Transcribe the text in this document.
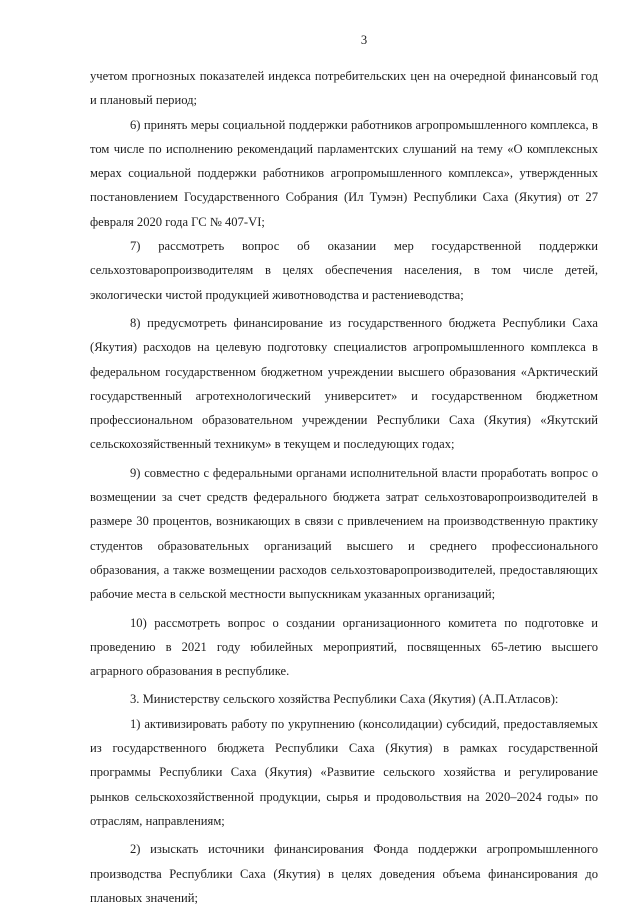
3

учетом прогнозных показателей индекса потребительских цен на очередной финансовый год и плановый период;

6) принять меры социальной поддержки работников агропромышленного комплекса, в том числе по исполнению рекомендаций парламентских слушаний на тему «О комплексных мерах социальной поддержки работников агропромышленного комплекса», утвержденных постановлением Государственного Собрания (Ил Тумэн) Республики Саха (Якутия) от 27 февраля 2020 года ГС № 407-VI;

7) рассмотреть вопрос об оказании мер государственной поддержки сельхозтоваропроизводителям в целях обеспечения населения, в том числе детей, экологически чистой продукцией животноводства и растениеводства;

8) предусмотреть финансирование из государственного бюджета Республики Саха (Якутия) расходов на целевую подготовку специалистов агропромышленного комплекса в федеральном государственном бюджетном учреждении высшего образования «Арктический государственный агротехнологический университет» и государственном бюджетном профессиональном образовательном учреждении Республики Саха (Якутия) «Якутский сельскохозяйственный техникум» в текущем и последующих годах;

9) совместно с федеральными органами исполнительной власти проработать вопрос о возмещении за счет средств федерального бюджета затрат сельхозтоваропроизводителей в размере 30 процентов, возникающих в связи с привлечением на производственную практику студентов образовательных организаций высшего и среднего профессионального образования, а также возмещении расходов сельхозтоваропроизводителей, предоставляющих рабочие места в сельской местности выпускникам указанных организаций;

10) рассмотреть вопрос о создании организационного комитета по подготовке и проведению в 2021 году юбилейных мероприятий, посвященных 65-летию высшего аграрного образования в республике.

3. Министерству сельского хозяйства Республики Саха (Якутия) (А.П.Атласов):

1) активизировать работу по укрупнению (консолидации) субсидий, предоставляемых из государственного бюджета Республики Саха (Якутия) в рамках государственной программы Республики Саха (Якутия) «Развитие сельского хозяйства и регулирование рынков сельскохозяйственной продукции, сырья и продовольствия на 2020–2024 годы» по отраслям, направлениям;

2) изыскать источники финансирования Фонда поддержки агропромышленного производства Республики Саха (Якутия) в целях доведения объема финансирования до плановых значений;
